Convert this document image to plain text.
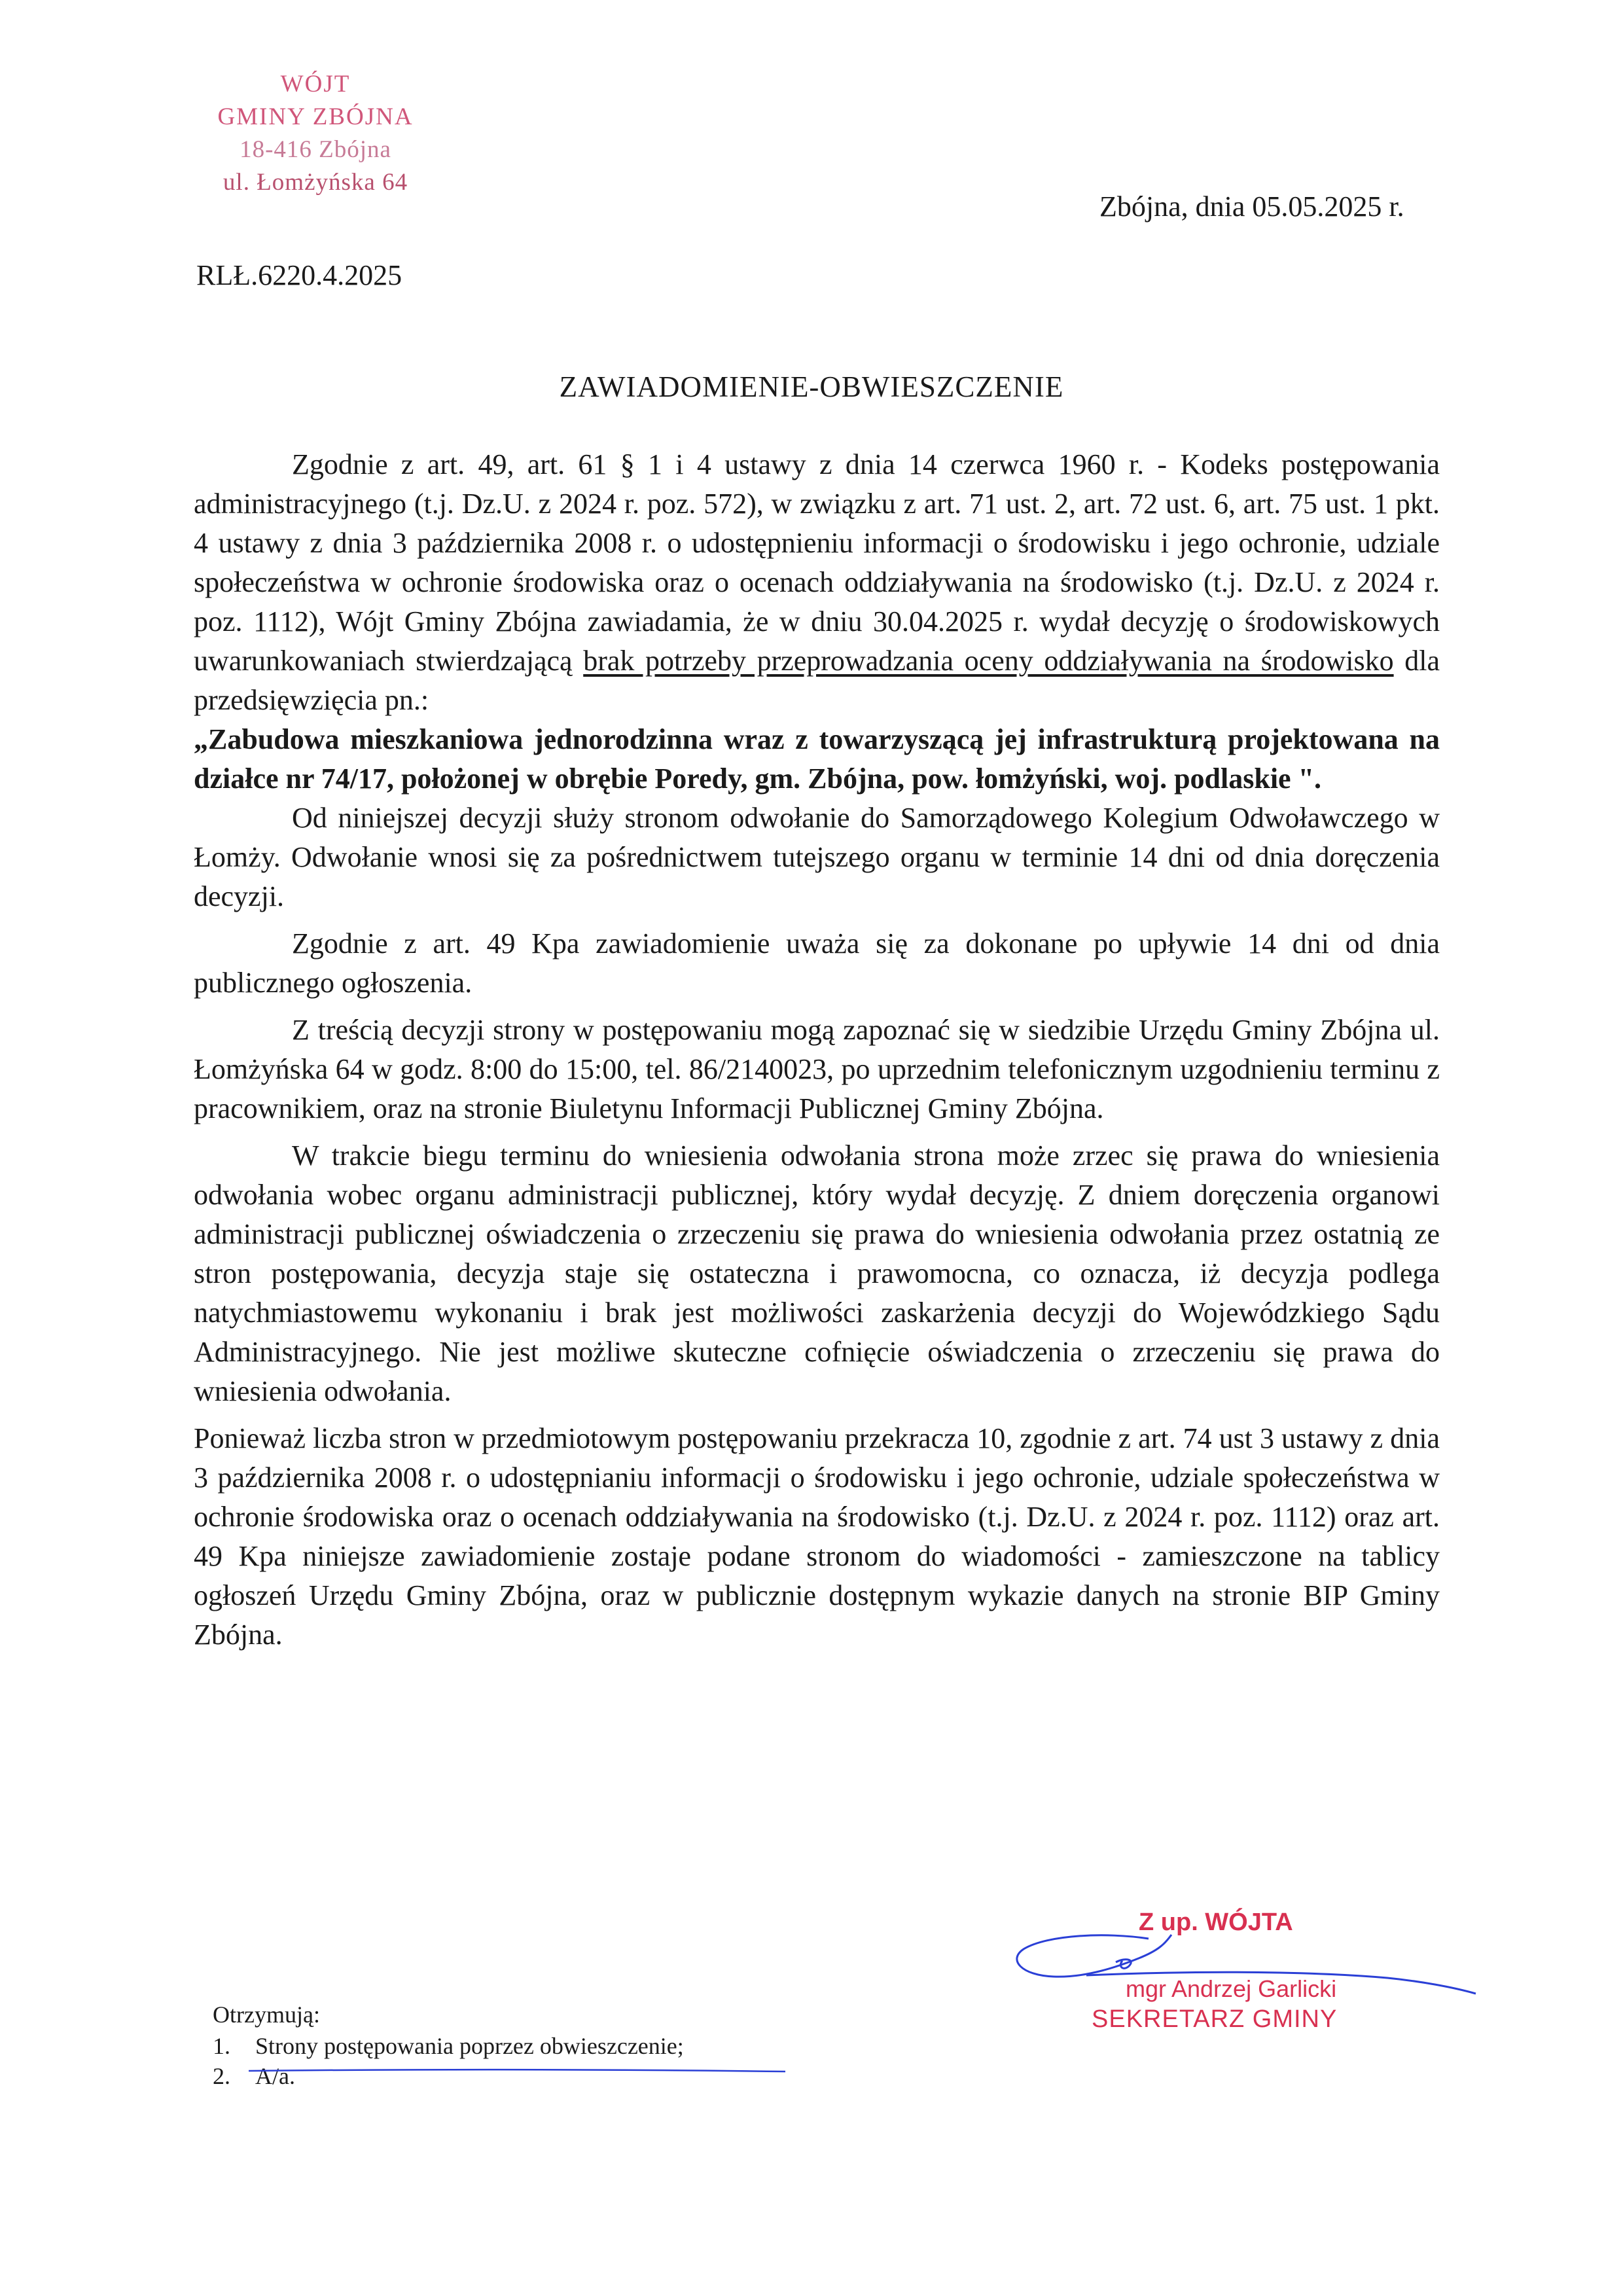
WÓJT
GMINY ZBÓJNA
18-416 Zbójna
ul. Łomżyńska 64
Zbójna, dnia 05.05.2025 r.
RLŁ.6220.4.2025
ZAWIADOMIENIE-OBWIESZCZENIE

Zgodnie z art. 49, art. 61 § 1 i 4 ustawy z dnia 14 czerwca 1960 r. - Kodeks postępowania administracyjnego (t.j. Dz.U. z 2024 r. poz. 572), w związku z art. 71 ust. 2, art. 72 ust. 6, art. 75 ust. 1 pkt. 4 ustawy z dnia 3 października 2008 r. o udostępnieniu informacji o środowisku i jego ochronie, udziale społeczeństwa w ochronie środowiska oraz o ocenach oddziaływania na środowisko (t.j. Dz.U. z 2024 r. poz. 1112), Wójt Gminy Zbójna zawiadamia, że w dniu 30.04.2025 r. wydał decyzję o środowiskowych uwarunkowaniach stwierdzającą brak potrzeby przeprowadzania oceny oddziaływania na środowisko dla przedsięwzięcia pn.:

„Zabudowa mieszkaniowa jednorodzinna wraz z towarzyszącą jej infrastrukturą projektowana na działce nr 74/17, położonej w obrębie Poredy, gm. Zbójna, pow. łomżyński, woj. podlaskie ".

Od niniejszej decyzji służy stronom odwołanie do Samorządowego Kolegium Odwoławczego w Łomży. Odwołanie wnosi się za pośrednictwem tutejszego organu w terminie 14 dni od dnia doręczenia decyzji.

Zgodnie z art. 49 Kpa zawiadomienie uważa się za dokonane po upływie 14 dni od dnia publicznego ogłoszenia.

Z treścią decyzji strony w postępowaniu mogą zapoznać się w siedzibie Urzędu Gminy Zbójna ul. Łomżyńska 64 w godz. 8:00 do 15:00, tel. 86/2140023, po uprzednim telefonicznym uzgodnieniu terminu z pracownikiem, oraz na stronie Biuletynu Informacji Publicznej Gminy Zbójna.

W trakcie biegu terminu do wniesienia odwołania strona może zrzec się prawa do wniesienia odwołania wobec organu administracji publicznej, który wydał decyzję. Z dniem doręczenia organowi administracji publicznej oświadczenia o zrzeczeniu się prawa do wniesienia odwołania przez ostatnią ze stron postępowania, decyzja staje się ostateczna i prawomocna, co oznacza, iż decyzja podlega natychmiastowemu wykonaniu i brak jest możliwości zaskarżenia decyzji do Wojewódzkiego Sądu Administracyjnego. Nie jest możliwe skuteczne cofnięcie oświadczenia o zrzeczeniu się prawa do wniesienia odwołania.

Ponieważ liczba stron w przedmiotowym postępowaniu przekracza 10, zgodnie z art. 74 ust 3 ustawy z dnia 3 października 2008 r. o udostępnianiu informacji o środowisku i jego ochronie, udziale społeczeństwa w ochronie środowiska oraz o ocenach oddziaływania na środowisko (t.j. Dz.U. z 2024 r. poz. 1112) oraz art. 49 Kpa niniejsze zawiadomienie zostaje podane stronom do wiadomości - zamieszczone na tablicy ogłoszeń Urzędu Gminy Zbójna, oraz w publicznie dostępnym wykazie danych na stronie BIP Gminy Zbójna.

Z up. WÓJTA
mgr Andrzej Garlicki
SEKRETARZ GMINY
Otrzymują:
1.	Strony postępowania poprzez obwieszczenie;
2.	A/a.
